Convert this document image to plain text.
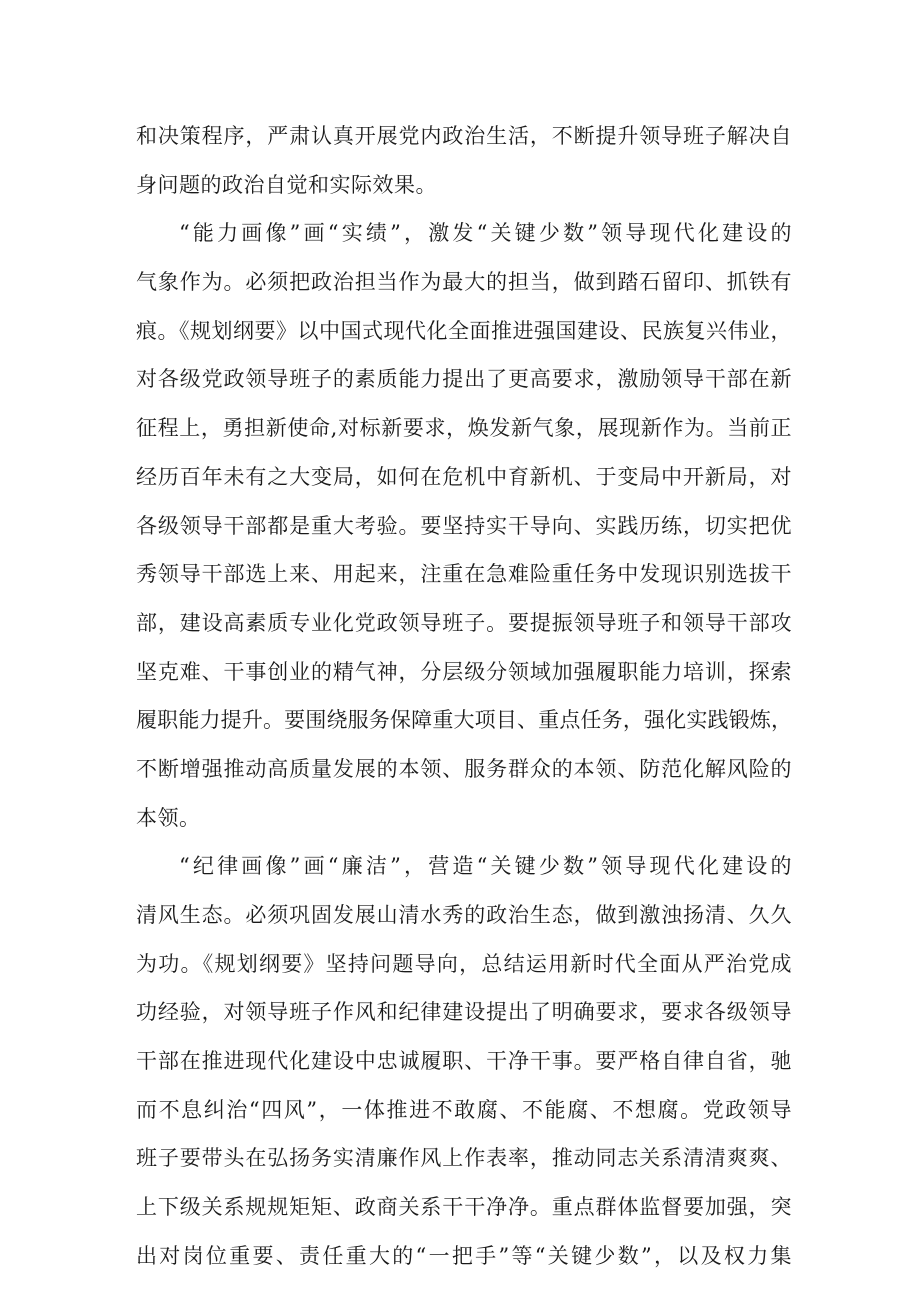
和决策程序，严肃认真开展党内政治生活，不断提升领导班子解决自
身问题的政治自觉和实际效果。
“能力画像”画“实绩”，激发“关键少数”领导现代化建设的
气象作为。必须把政治担当作为最大的担当，做到踏石留印、抓铁有
痕。《规划纲要》以中国式现代化全面推进强国建设、民族复兴伟业，
对各级党政领导班子的素质能力提出了更高要求，激励领导干部在新
征程上，勇担新使命,对标新要求，焕发新气象，展现新作为。当前正
经历百年未有之大变局，如何在危机中育新机、于变局中开新局，对
各级领导干部都是重大考验。要坚持实干导向、实践历练，切实把优
秀领导干部选上来、用起来，注重在急难险重任务中发现识别选拔干
部，建设高素质专业化党政领导班子。要提振领导班子和领导干部攻
坚克难、干事创业的精气神，分层级分领域加强履职能力培训，探索
履职能力提升。要围绕服务保障重大项目、重点任务，强化实践锻炼，
不断增强推动高质量发展的本领、服务群众的本领、防范化解风险的
本领。
“纪律画像”画“廉洁”，营造“关键少数”领导现代化建设的
清风生态。必须巩固发展山清水秀的政治生态，做到激浊扬清、久久
为功。《规划纲要》坚持问题导向，总结运用新时代全面从严治党成
功经验，对领导班子作风和纪律建设提出了明确要求，要求各级领导
干部在推进现代化建设中忠诚履职、干净干事。要严格自律自省，驰
而不息纠治“四风”，一体推进不敢腐、不能腐、不想腐。党政领导
班子要带头在弘扬务实清廉作风上作表率，推动同志关系清清爽爽、
上下级关系规规矩矩、政商关系干干净净。重点群体监督要加强，突
出对岗位重要、责任重大的“一把手”等“关键少数”，以及权力集
